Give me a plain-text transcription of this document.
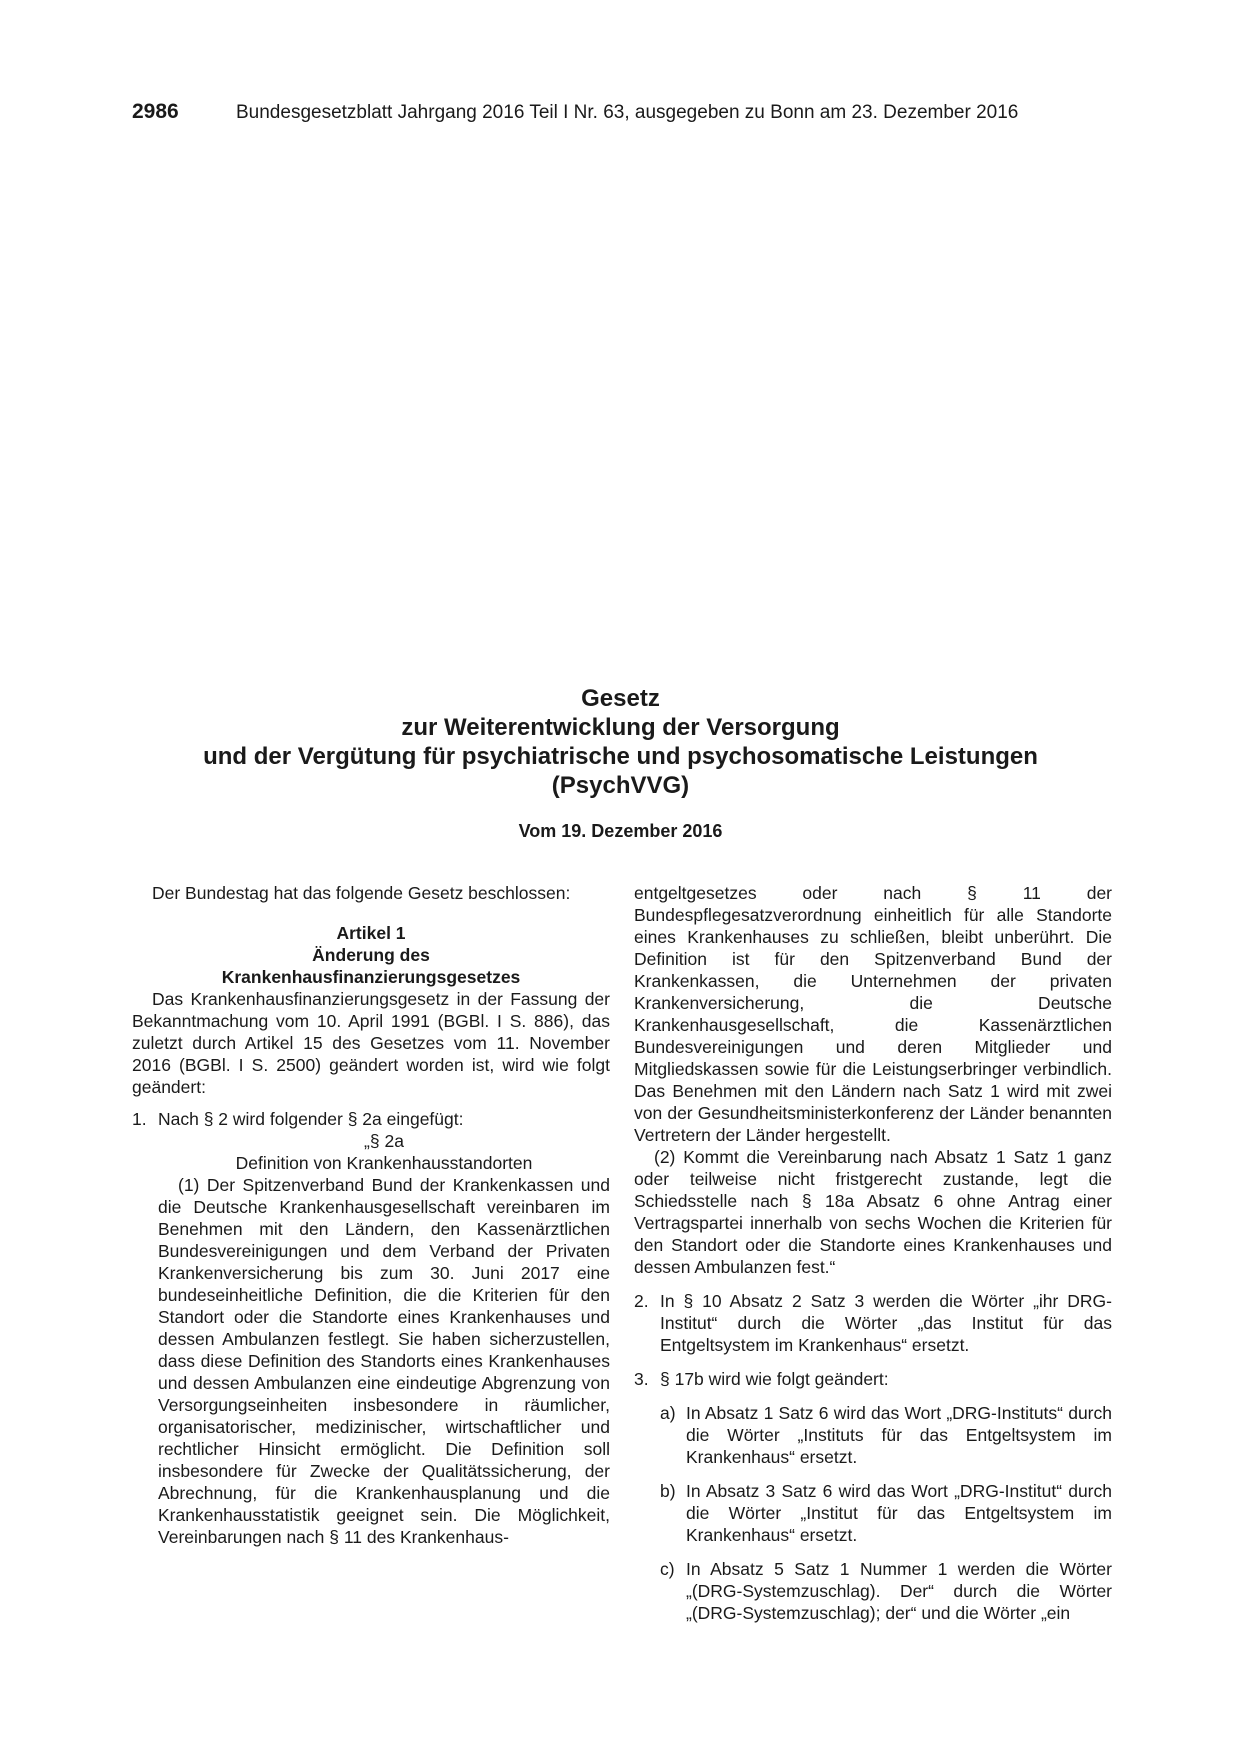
2986	Bundesgesetzblatt Jahrgang 2016 Teil I Nr. 63, ausgegeben zu Bonn am 23. Dezember 2016
Gesetz
zur Weiterentwicklung der Versorgung
und der Vergütung für psychiatrische und psychosomatische Leistungen
(PsychVVG)
Vom 19. Dezember 2016

Der Bundestag hat das folgende Gesetz beschlossen:

Artikel 1

Änderung des

Krankenhausfinanzierungsgesetzes

Das Krankenhausfinanzierungsgesetz in der Fassung der Bekanntmachung vom 10. April 1991 (BGBl. I S. 886), das zuletzt durch Artikel 15 des Gesetzes vom 11. November 2016 (BGBl. I S. 2500) geändert worden ist, wird wie folgt geändert:

1. Nach § 2 wird folgender § 2a eingefügt:

„§ 2a

Definition von Krankenhausstandorten

(1) Der Spitzenverband Bund der Krankenkassen und die Deutsche Krankenhausgesellschaft vereinbaren im Benehmen mit den Ländern, den Kassenärztlichen Bundesvereinigungen und dem Verband der Privaten Krankenversicherung bis zum 30. Juni 2017 eine bundeseinheitliche Definition, die die Kriterien für den Standort oder die Standorte eines Krankenhauses und dessen Ambulanzen festlegt. Sie haben sicherzustellen, dass diese Definition des Standorts eines Krankenhauses und dessen Ambulanzen eine eindeutige Abgrenzung von Versorgungseinheiten insbesondere in räumlicher, organisatorischer, medizinischer, wirtschaftlicher und rechtlicher Hinsicht ermöglicht. Die Definition soll insbesondere für Zwecke der Qualitätssicherung, der Abrechnung, für die Krankenhausplanung und die Krankenhausstatistik geeignet sein. Die Möglichkeit, Vereinbarungen nach § 11 des Krankenhaus-

entgeltgesetzes oder nach § 11 der Bundespflegesatzverordnung einheitlich für alle Standorte eines Krankenhauses zu schließen, bleibt unberührt. Die Definition ist für den Spitzenverband Bund der Krankenkassen, die Unternehmen der privaten Krankenversicherung, die Deutsche Krankenhausgesellschaft, die Kassenärztlichen Bundesvereinigungen und deren Mitglieder und Mitgliedskassen sowie für die Leistungserbringer verbindlich. Das Benehmen mit den Ländern nach Satz 1 wird mit zwei von der Gesundheitsministerkonferenz der Länder benannten Vertretern der Länder hergestellt.

(2) Kommt die Vereinbarung nach Absatz 1 Satz 1 ganz oder teilweise nicht fristgerecht zustande, legt die Schiedsstelle nach § 18a Absatz 6 ohne Antrag einer Vertragspartei innerhalb von sechs Wochen die Kriterien für den Standort oder die Standorte eines Krankenhauses und dessen Ambulanzen fest.“

2. In § 10 Absatz 2 Satz 3 werden die Wörter „ihr DRG-Institut“ durch die Wörter „das Institut für das Entgeltsystem im Krankenhaus“ ersetzt.

3. § 17b wird wie folgt geändert:

a) In Absatz 1 Satz 6 wird das Wort „DRG-Instituts“ durch die Wörter „Instituts für das Entgeltsystem im Krankenhaus“ ersetzt.

b) In Absatz 3 Satz 6 wird das Wort „DRG-Institut“ durch die Wörter „Institut für das Entgeltsystem im Krankenhaus“ ersetzt.

c) In Absatz 5 Satz 1 Nummer 1 werden die Wörter „(DRG-Systemzuschlag). Der“ durch die Wörter „(DRG-Systemzuschlag); der“ und die Wörter „ein
